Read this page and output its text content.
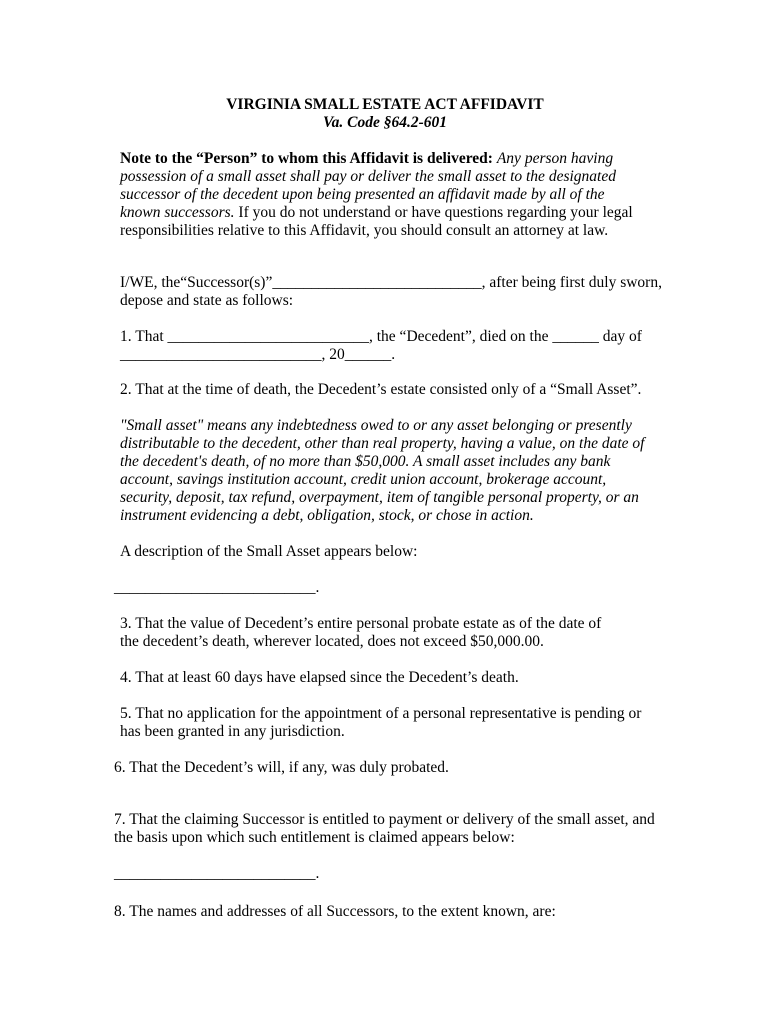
VIRGINIA SMALL ESTATE ACT AFFIDAVIT

Va. Code §64.2-601

Note to the “Person” to whom this Affidavit is delivered: Any person having
possession of a small asset shall pay or deliver the small asset to the designated
successor of the decedent upon being presented an affidavit made by all of the
known successors. If you do not understand or have questions regarding your legal
responsibilities relative to this Affidavit, you should consult an attorney at law.
I/WE, the“Successor(s)”___________________________, after being first duly sworn,
depose and state as follows:
1. That __________________________, the “Decedent”, died on the ______ day of
__________________________, 20______.

2. That at the time of death, the Decedent’s estate consisted only of a “Small Asset”.

"Small asset" means any indebtedness owed to or any asset belonging or presently
distributable to the decedent, other than real property, having a value, on the date of
the decedent's death, of no more than $50,000. A small asset includes any bank
account, savings institution account, credit union account, brokerage account,
security, deposit, tax refund, overpayment, item of tangible personal property, or an
instrument evidencing a debt, obligation, stock, or chose in action.

A description of the Small Asset appears below:

__________________________.

3. That the value of Decedent’s entire personal probate estate as of the date of
the decedent’s death, wherever located, does not exceed $50,000.00.

4. That at least 60 days have elapsed since the Decedent’s death.

5. That no application for the appointment of a personal representative is pending or
has been granted in any jurisdiction.

6. That the Decedent’s will, if any, was duly probated.

7. That the claiming Successor is entitled to payment or delivery of the small asset, and
the basis upon which such entitlement is claimed appears below:

__________________________.

8. The names and addresses of all Successors, to the extent known, are:
